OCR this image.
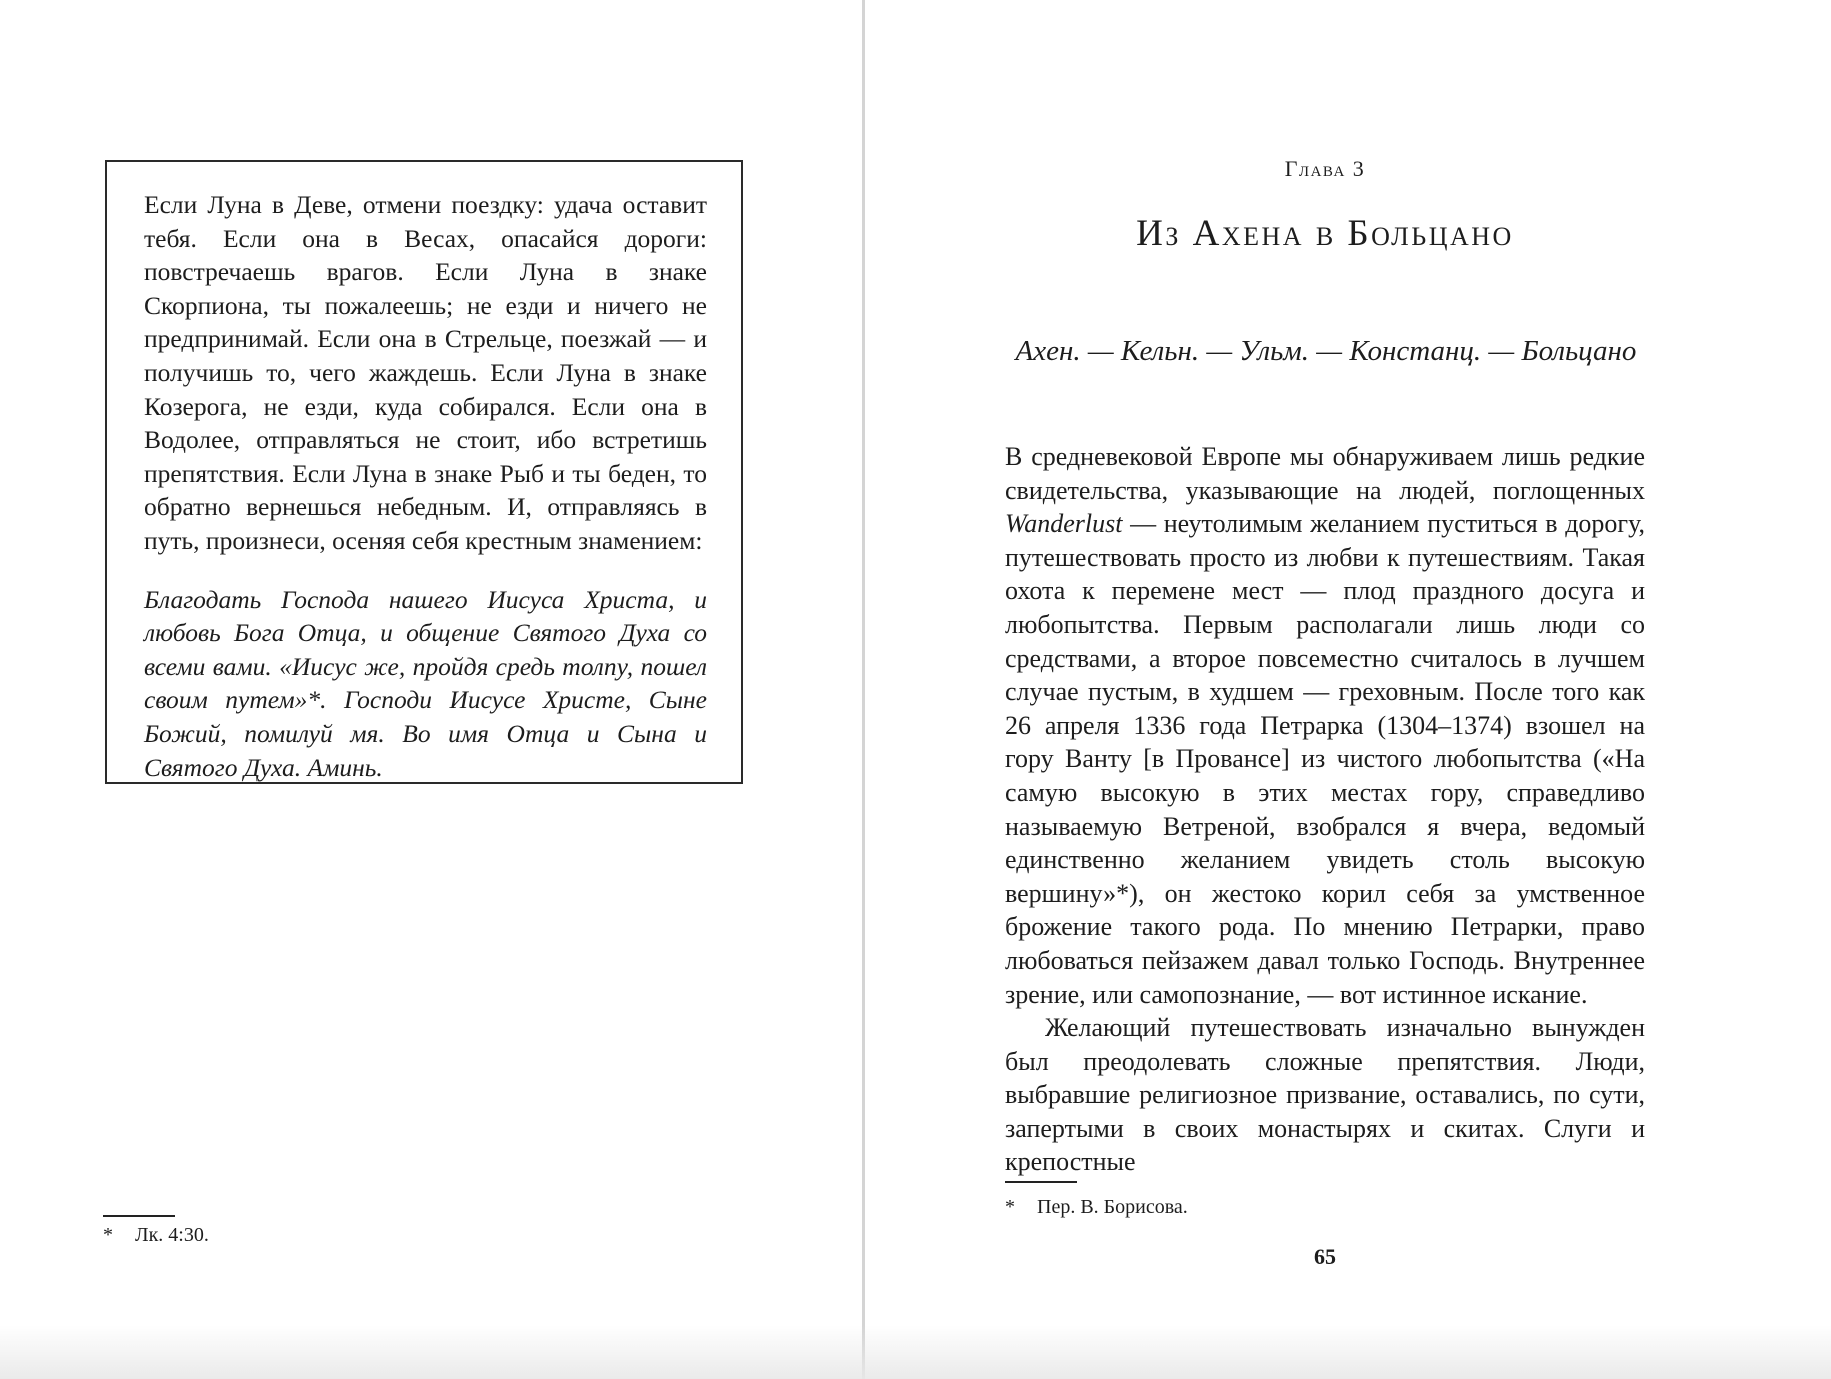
Если Луна в Деве, отмени поездку: удача оставит тебя. Если она в Весах, опасайся дороги: повстречаешь врагов. Если Луна в знаке Скорпиона, ты пожалеешь; не езди и ничего не предпринимай. Если она в Стрельце, поезжай — и получишь то, чего жаждешь. Если Луна в знаке Козерога, не езди, куда собирался. Если она в Водолее, отправляться не стоит, ибо встретишь препятствия. Если Луна в знаке Рыб и ты беден, то обратно вернешься небедным. И, отправляясь в путь, произнеси, осеняя себя крестным знамением:

Благодать Господа нашего Иисуса Христа, и любовь Бога Отца, и общение Святого Духа со всеми вами. «Иисус же, пройдя средь толпу, пошел своим путем»*. Господи Иисусе Христе, Сыне Божий, помилуй мя. Во имя Отца и Сына и Святого Духа. Аминь.

* Лк. 4:30.
Глава 3
Из Ахена в Больцано
Ахен. — Кельн. — Ульм. — Констанц. — Больцано

В средневековой Европе мы обнаруживаем лишь редкие свидетельства, указывающие на людей, поглощенных Wanderlust — неутолимым желанием пуститься в дорогу, путешествовать просто из любви к путешествиям. Такая охота к перемене мест — плод праздного досуга и любопытства. Первым располагали лишь люди со средствами, а второе повсеместно считалось в лучшем случае пустым, в худшем — греховным. После того как 26 апреля 1336 года Петрарка (1304–1374) взошел на гору Ванту [в Провансе] из чистого любопытства («На самую высокую в этих местах гору, справедливо называемую Ветреной, взобрался я вчера, ведомый единственно желанием увидеть столь высокую вершину»*), он жестоко корил себя за умственное брожение такого рода. По мнению Петрарки, право любоваться пейзажем давал только Господь. Внутреннее зрение, или самопознание, — вот истинное искание.

Желающий путешествовать изначально вынужден был преодолевать сложные препятствия. Люди, выбравшие религиозное призвание, оставались, по сути, запертыми в своих монастырях и скитах. Слуги и крепостные

* Пер. В. Борисова.
65
